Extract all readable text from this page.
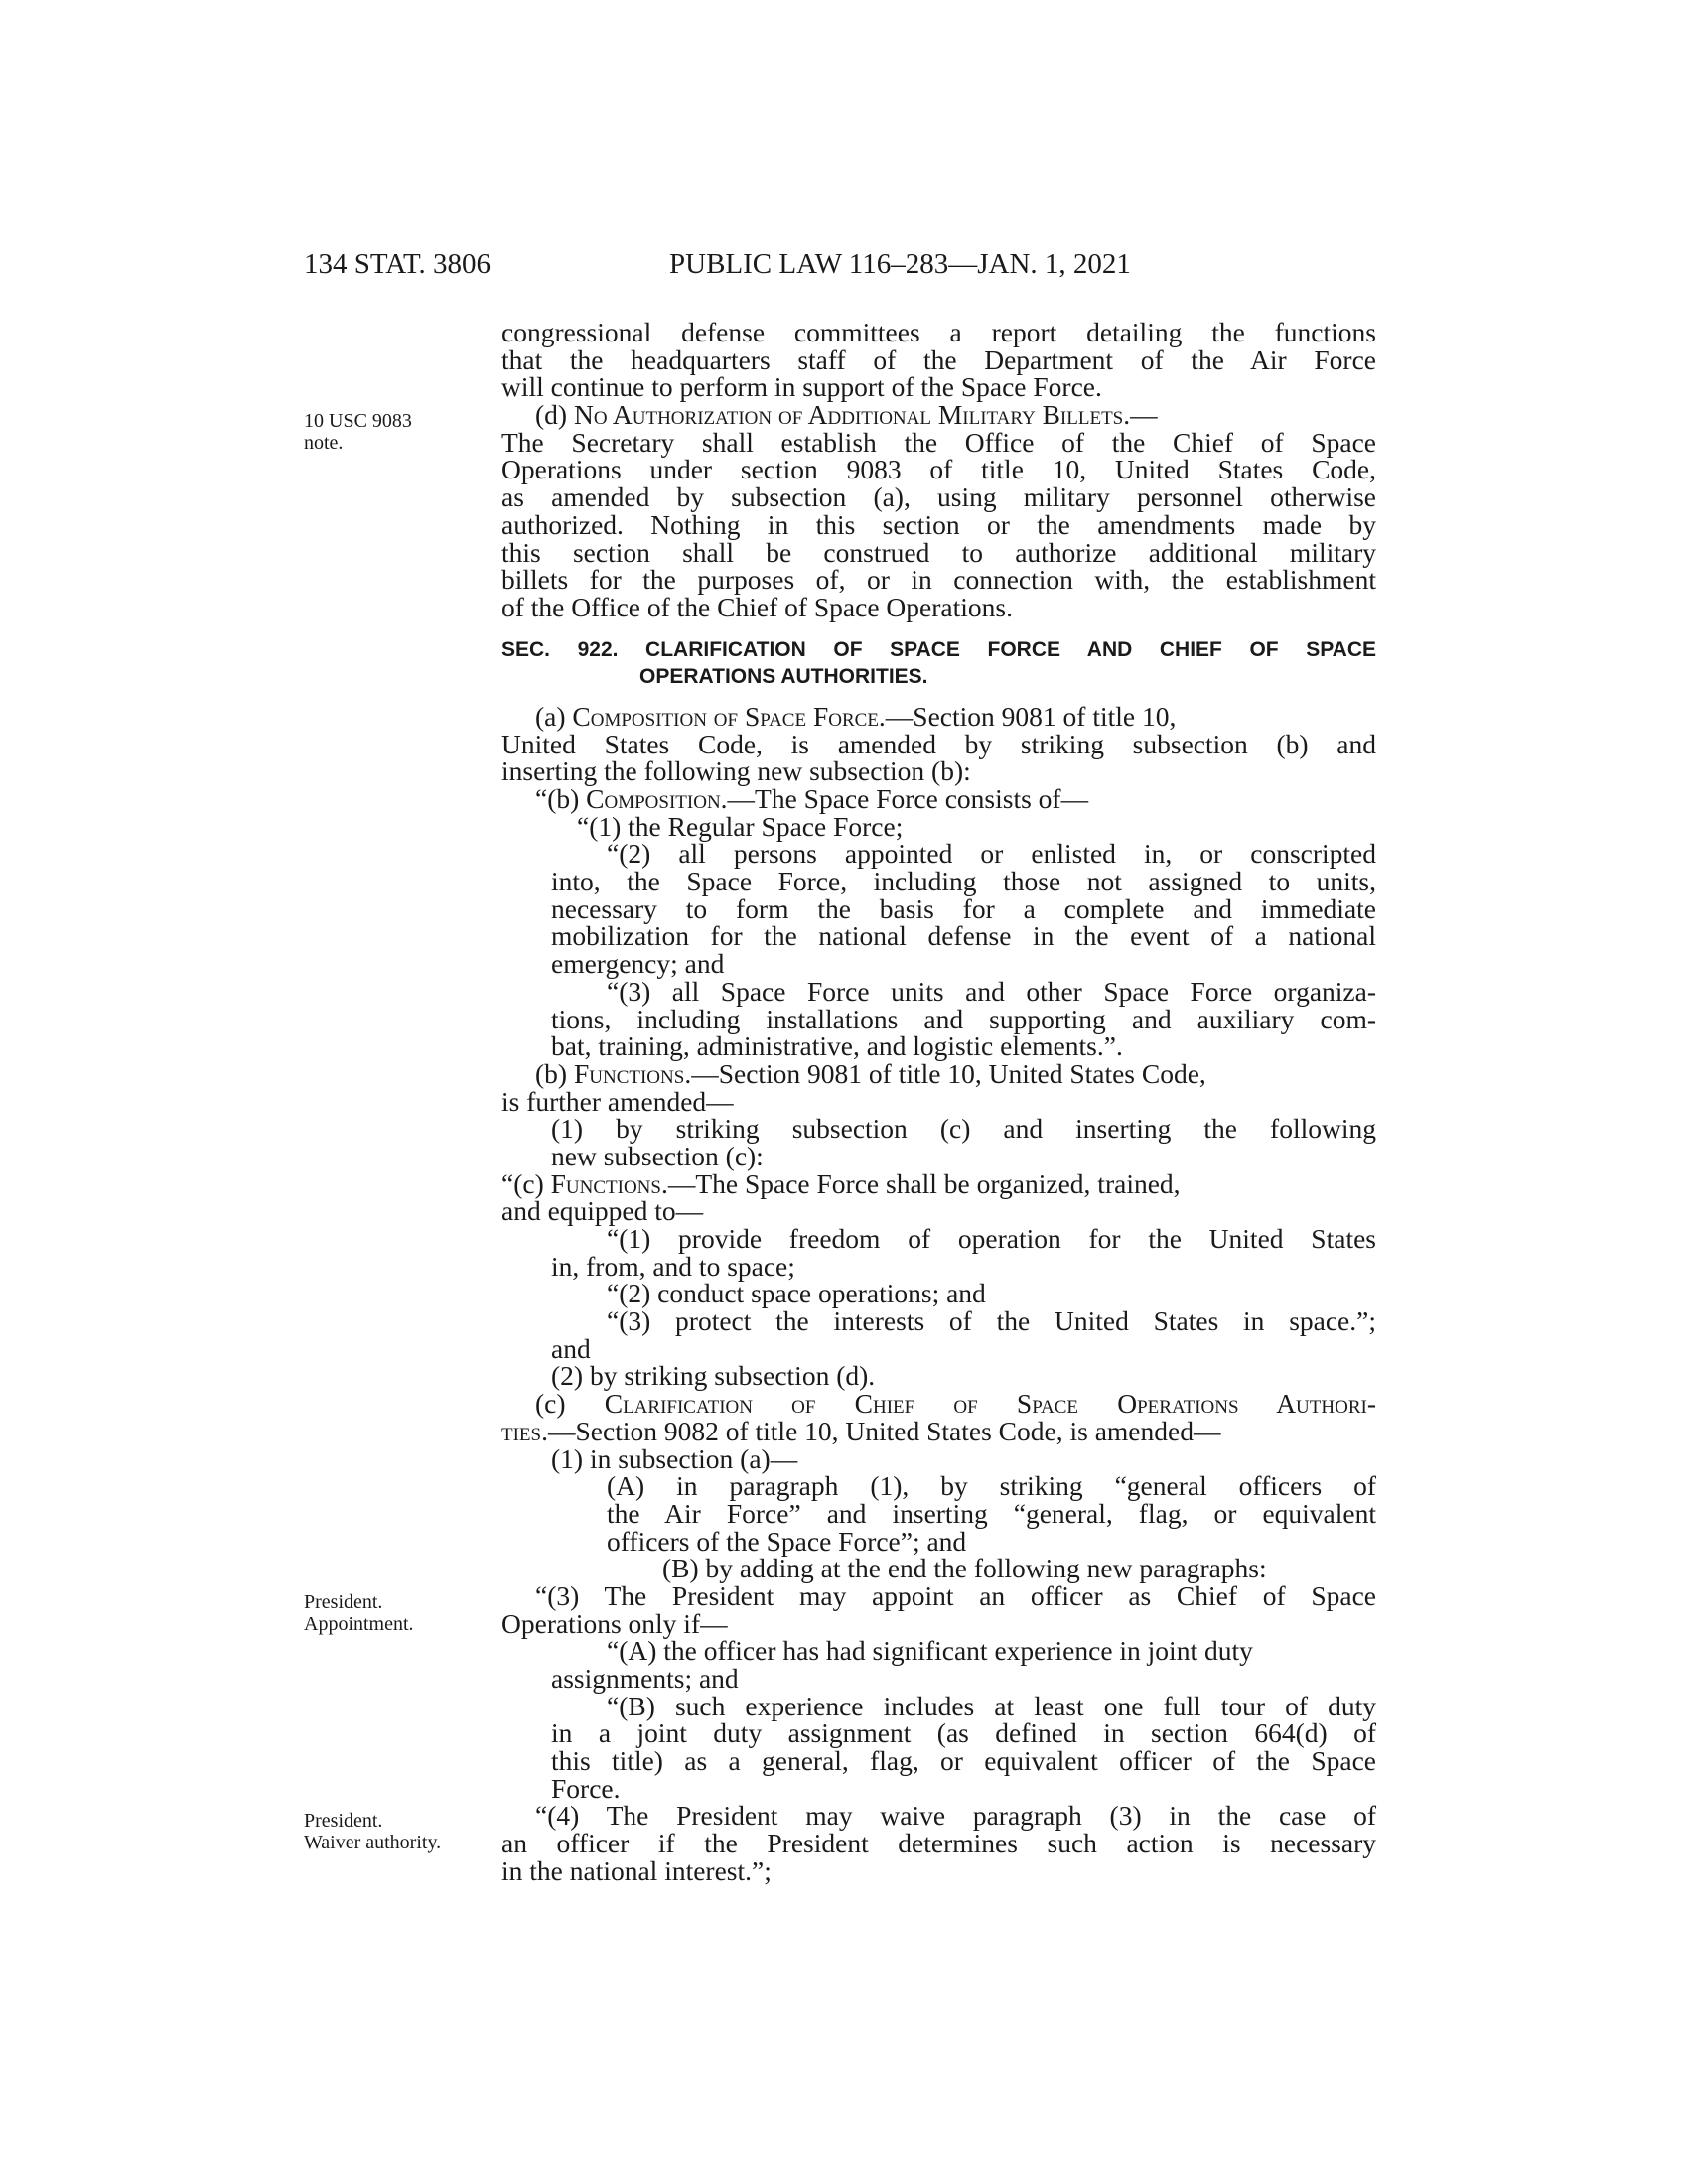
134 STAT. 3806	PUBLIC LAW 116–283—JAN. 1, 2021
10 USC 9083
note.
President.
Appointment.
President.
Waiver authority.
congressional defense committees a report detailing the functions
that the headquarters staff of the Department of the Air Force
will continue to perform in support of the Space Force.
(d) No Authorization of Additional Military Billets.—
The Secretary shall establish the Office of the Chief of Space
Operations under section 9083 of title 10, United States Code,
as amended by subsection (a), using military personnel otherwise
authorized. Nothing in this section or the amendments made by
this section shall be construed to authorize additional military
billets for the purposes of, or in connection with, the establishment
of the Office of the Chief of Space Operations.
SEC. 922. CLARIFICATION OF SPACE FORCE AND CHIEF OF SPACE
OPERATIONS AUTHORITIES.
(a) Composition of Space Force.—Section 9081 of title 10,
United States Code, is amended by striking subsection (b) and
inserting the following new subsection (b):
“(b) Composition.—The Space Force consists of—
“(1) the Regular Space Force;
“(2) all persons appointed or enlisted in, or conscripted
into, the Space Force, including those not assigned to units,
necessary to form the basis for a complete and immediate
mobilization for the national defense in the event of a national
emergency; and
“(3) all Space Force units and other Space Force organiza-
tions, including installations and supporting and auxiliary com-
bat, training, administrative, and logistic elements.”.
(b) Functions.—Section 9081 of title 10, United States Code,
is further amended—
(1) by striking subsection (c) and inserting the following
new subsection (c):
“(c) Functions.—The Space Force shall be organized, trained,
and equipped to—
“(1) provide freedom of operation for the United States
in, from, and to space;
“(2) conduct space operations; and
“(3) protect the interests of the United States in space.”;
and
(2) by striking subsection (d).
(c) Clarification of Chief of Space Operations Authori-
ties.—Section 9082 of title 10, United States Code, is amended—
(1) in subsection (a)—
(A) in paragraph (1), by striking “general officers of
the Air Force” and inserting “general, flag, or equivalent
officers of the Space Force”; and
(B) by adding at the end the following new paragraphs:
“(3) The President may appoint an officer as Chief of Space
Operations only if—
“(A) the officer has had significant experience in joint duty
assignments; and
“(B) such experience includes at least one full tour of duty
in a joint duty assignment (as defined in section 664(d) of
this title) as a general, flag, or equivalent officer of the Space
Force.
“(4) The President may waive paragraph (3) in the case of
an officer if the President determines such action is necessary
in the national interest.”;
